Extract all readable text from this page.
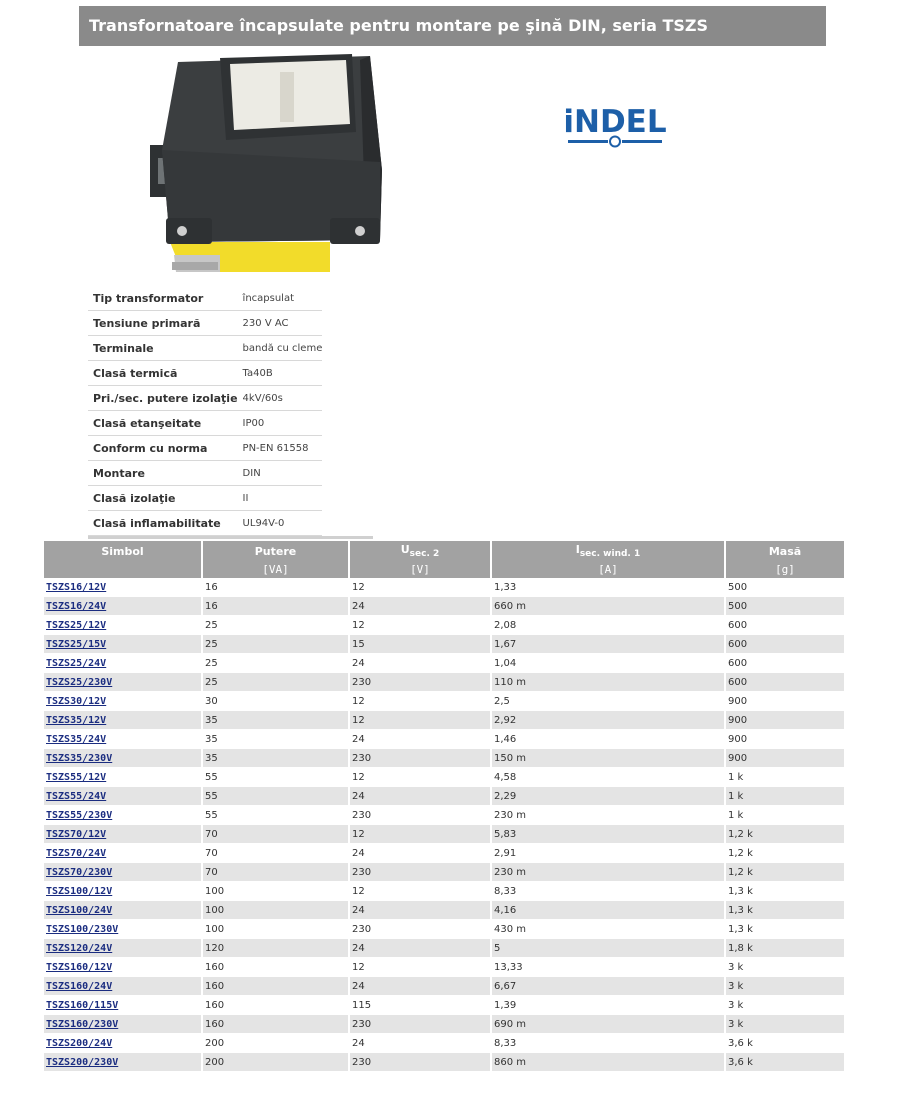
Transfornatoare încapsulate pentru montare pe şină DIN, seria TSZS
iNDEL
Tip transformator	încapsulat
Tensiune primară	230 V AC
Terminale	bandă cu cleme
Clasă termică	Ta40B
Pri./sec. putere izolaţie	4kV/60s
Clasă etanşeitate	IP00
Conform cu norma	PN-EN 61558
Montare	DIN
Clasă izolaţie	II
Clasă inflamabilitate	UL94V-0
Simbol	Putere	$U_{sec. 2}$	$I_{sec. wind. 1}$	Masă
	[VA]	[V]	[A]	[g]
TSZS16/12V	16	12	1,33	500
TSZS16/24V	16	24	660 m	500
TSZS25/12V	25	12	2,08	600
TSZS25/15V	25	15	1,67	600
TSZS25/24V	25	24	1,04	600
TSZS25/230V	25	230	110 m	600
TSZS30/12V	30	12	2,5	900
TSZS35/12V	35	12	2,92	900
TSZS35/24V	35	24	1,46	900
TSZS35/230V	35	230	150 m	900
TSZS55/12V	55	12	4,58	1 k
TSZS55/24V	55	24	2,29	1 k
TSZS55/230V	55	230	230 m	1 k
TSZS70/12V	70	12	5,83	1,2 k
TSZS70/24V	70	24	2,91	1,2 k
TSZS70/230V	70	230	230 m	1,2 k
TSZS100/12V	100	12	8,33	1,3 k
TSZS100/24V	100	24	4,16	1,3 k
TSZS100/230V	100	230	430 m	1,3 k
TSZS120/24V	120	24	5	1,8 k
TSZS160/12V	160	12	13,33	3 k
TSZS160/24V	160	24	6,67	3 k
TSZS160/115V	160	115	1,39	3 k
TSZS160/230V	160	230	690 m	3 k
TSZS200/24V	200	24	8,33	3,6 k
TSZS200/230V	200	230	860 m	3,6 k
